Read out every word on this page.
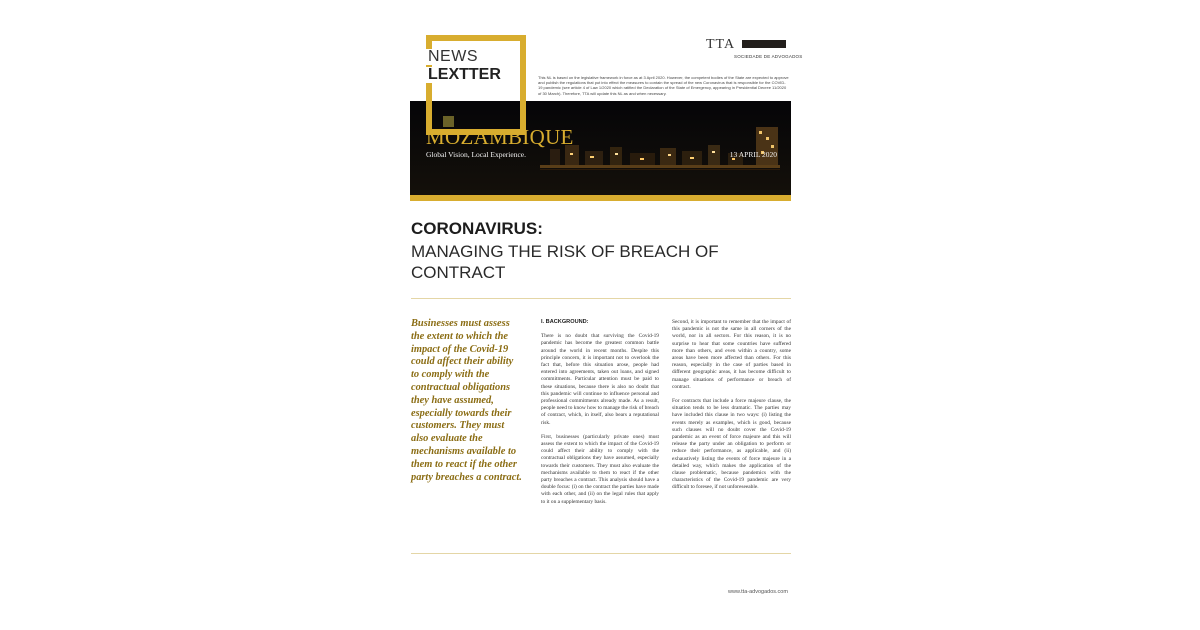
NEWS
LEXTTER
TTA
SOCIEDADE DE ADVOGADOS
This NL is based on the legislative framework in force as at 3 April 2020. However, the competent bodies of the State are expected to approve and publish the regulations that put into effect the measures to contain the spread of the new Coronavirus that is responsible for the COVID-19 pandemic (see article 4 of Law 1/2020 which ratified the Declaration of the State of Emergency, appearing in Presidential Decree 11/2020 of 30 March). Therefore, TTA will update this NL as and when necessary.
MOZAMBIQUE
Global Vision, Local Experience.	13 APRIL 2020
CORONAVIRUS:
MANAGING THE RISK OF BREACH OF CONTRACT
Businesses must assess the extent to which the impact of the Covid-19 could affect their ability to comply with the contractual obligations they have assumed, especially towards their customers. They must also evaluate the mechanisms available to them to react if the other party breaches a contract.

I. BACKGROUND:

There is no doubt that surviving the Covid-19 pandemic has become the greatest common battle around the world in recent months. Despite this principle concern, it is important not to overlook the fact that, before this situation arose, people had entered into agreements, taken out loans, and signed commitments. Particular attention must be paid to these situations, because there is also no doubt that this pandemic will continue to influence personal and professional commitments already made. As a result, people need to know how to manage the risk of breach of contract, which, in itself, also bears a reputational risk.

First, businesses (particularly private ones) must assess the extent to which the impact of the Covid-19 could affect their ability to comply with the contractual obligations they have assumed, especially towards their customers. They must also evaluate the mechanisms available to them to react if the other party breaches a contract. This analysis should have a double focus: (i) on the contract the parties have made with each other, and (ii) on the legal rules that apply to it on a supplementary basis.

Second, it is important to remember that the impact of this pandemic is not the same in all corners of the world, nor in all sectors. For this reason, it is no surprise to hear that some countries have suffered more than others, and even within a country, some areas have been more affected than others. For this reason, especially in the case of parties based in different geographic areas, it has become difficult to manage situations of performance or breach of contract.

For contracts that include a force majeure clause, the situation tends to be less dramatic. The parties may have included this clause in two ways: (i) listing the events merely as examples, which is good, because such clauses will no doubt cover the Covid-19 pandemic as an event of force majeure and this will release the party under an obligation to perform or reduce their performance, as applicable, and (ii) exhaustively listing the events of force majeure in a detailed way, which makes the application of the clause problematic, because pandemics with the characteristics of the Covid-19 pandemic are very difficult to foresee, if not unforeseeable.

www.tta-advogados.com
